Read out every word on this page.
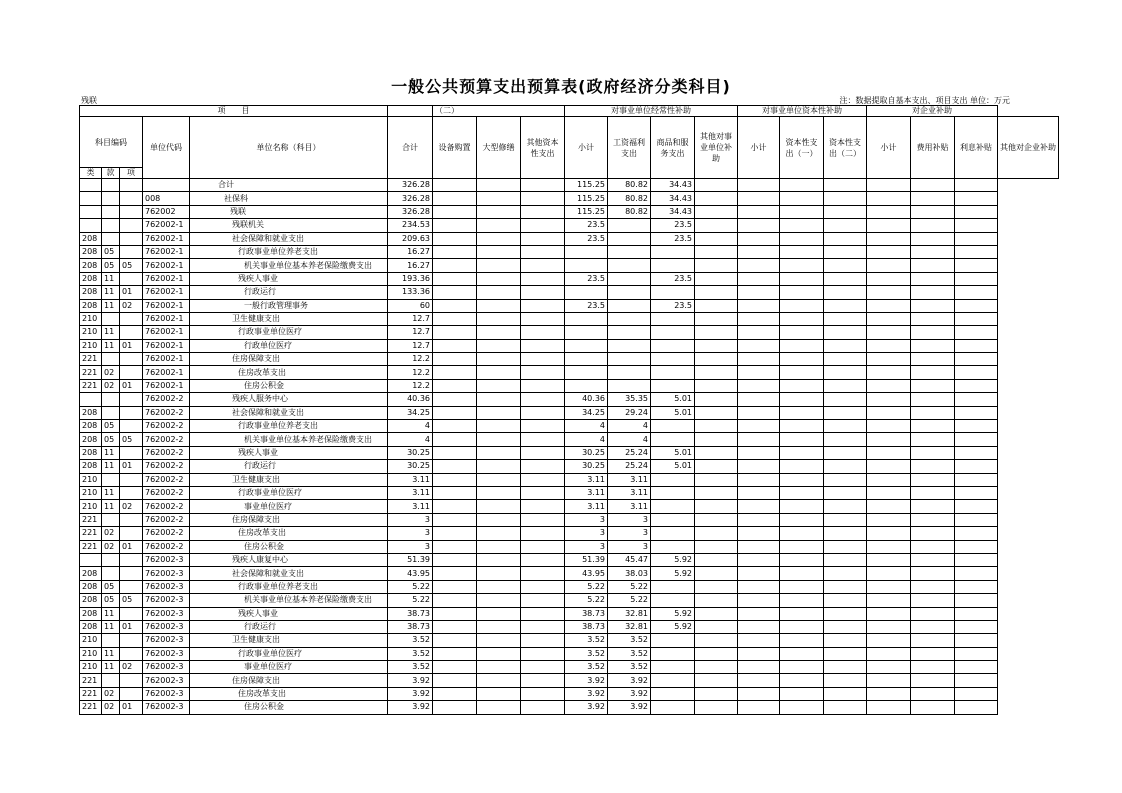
一般公共预算支出预算表(政府经济分类科目)
残联	注：数据提取自基本支出、项目支出 单位：万元
项　　目						（二）			对事业单位经常性补助				对事业单位资本性补助			对企业补助			
科目编码			单位代码	单位名称（科目）	合计	设备购置	大型修缮	其他资本性支出	小计	工资福利支出	商品和服务支出	其他对事业单位补助	小计	资本性支出（一）	资本性支出（二）	小计	费用补贴	利息补贴	其他对企业补助
类	款	项																	
				合计	326.28				115.25	80.82	34.43								
			008	社保科	326.28				115.25	80.82	34.43								
			762002	残联	326.28				115.25	80.82	34.43								
			762002-1	残联机关	234.53				23.5		23.5								
208			762002-1	社会保障和就业支出	209.63				23.5		23.5								
208	05		762002-1	行政事业单位养老支出	16.27														
208	05	05	762002-1	机关事业单位基本养老保险缴费支出	16.27														
208	11		762002-1	残疾人事业	193.36				23.5		23.5								
208	11	01	762002-1	行政运行	133.36														
208	11	02	762002-1	一般行政管理事务	60				23.5		23.5								
210			762002-1	卫生健康支出	12.7														
210	11		762002-1	行政事业单位医疗	12.7														
210	11	01	762002-1	行政单位医疗	12.7														
221			762002-1	住房保障支出	12.2														
221	02		762002-1	住房改革支出	12.2														
221	02	01	762002-1	住房公积金	12.2														
			762002-2	残疾人服务中心	40.36				40.36	35.35	5.01								
208			762002-2	社会保障和就业支出	34.25				34.25	29.24	5.01								
208	05		762002-2	行政事业单位养老支出	4				4	4									
208	05	05	762002-2	机关事业单位基本养老保险缴费支出	4				4	4									
208	11		762002-2	残疾人事业	30.25				30.25	25.24	5.01								
208	11	01	762002-2	行政运行	30.25				30.25	25.24	5.01								
210			762002-2	卫生健康支出	3.11				3.11	3.11									
210	11		762002-2	行政事业单位医疗	3.11				3.11	3.11									
210	11	02	762002-2	事业单位医疗	3.11				3.11	3.11									
221			762002-2	住房保障支出	3				3	3									
221	02		762002-2	住房改革支出	3				3	3									
221	02	01	762002-2	住房公积金	3				3	3									
			762002-3	残疾人康复中心	51.39				51.39	45.47	5.92								
208			762002-3	社会保障和就业支出	43.95				43.95	38.03	5.92								
208	05		762002-3	行政事业单位养老支出	5.22				5.22	5.22									
208	05	05	762002-3	机关事业单位基本养老保险缴费支出	5.22				5.22	5.22									
208	11		762002-3	残疾人事业	38.73				38.73	32.81	5.92								
208	11	01	762002-3	行政运行	38.73				38.73	32.81	5.92								
210			762002-3	卫生健康支出	3.52				3.52	3.52									
210	11		762002-3	行政事业单位医疗	3.52				3.52	3.52									
210	11	02	762002-3	事业单位医疗	3.52				3.52	3.52									
221			762002-3	住房保障支出	3.92				3.92	3.92									
221	02		762002-3	住房改革支出	3.92				3.92	3.92									
221	02	01	762002-3	住房公积金	3.92				3.92	3.92									
